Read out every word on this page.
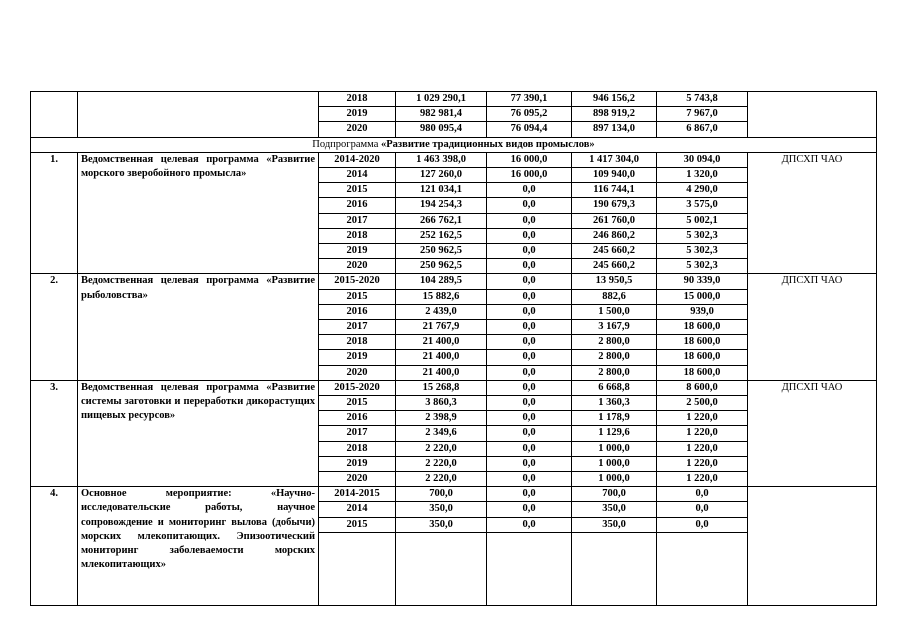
		2018	1 029 290,1	77 390,1	946 156,2	5 743,8	
		2019	982 981,4	76 095,2	898 919,2	7 967,0	
		2020	980 095,4	76 094,4	897 134,0	6 867,0	
Подпрограмма «Развитие традиционных видов промыслов»							
1.	Ведомственная целевая программа «Развитие морского зверобойного промысла»	2014-2020	1 463 398,0	16 000,0	1 417 304,0	30 094,0	ДПСХП ЧАО
		2014	127 260,0	16 000,0	109 940,0	1 320,0	
		2015	121 034,1	0,0	116 744,1	4 290,0	
		2016	194 254,3	0,0	190 679,3	3 575,0	
		2017	266 762,1	0,0	261 760,0	5 002,1	
		2018	252 162,5	0,0	246 860,2	5 302,3	
		2019	250 962,5	0,0	245 660,2	5 302,3	
		2020	250 962,5	0,0	245 660,2	5 302,3	
2.	Ведомственная целевая программа «Развитие рыболовства»	2015-2020	104 289,5	0,0	13 950,5	90 339,0	ДПСХП ЧАО
		2015	15 882,6	0,0	882,6	15 000,0	
		2016	2 439,0	0,0	1 500,0	939,0	
		2017	21 767,9	0,0	3 167,9	18 600,0	
		2018	21 400,0	0,0	2 800,0	18 600,0	
		2019	21 400,0	0,0	2 800,0	18 600,0	
		2020	21 400,0	0,0	2 800,0	18 600,0	
3.	Ведомственная целевая программа «Развитие системы заготовки и переработки дикорастущих пищевых ресурсов»	2015-2020	15 268,8	0,0	6 668,8	8 600,0	ДПСХП ЧАО
		2015	3 860,3	0,0	1 360,3	2 500,0	
		2016	2 398,9	0,0	1 178,9	1 220,0	
		2017	2 349,6	0,0	1 129,6	1 220,0	
		2018	2 220,0	0,0	1 000,0	1 220,0	
		2019	2 220,0	0,0	1 000,0	1 220,0	
		2020	2 220,0	0,0	1 000,0	1 220,0	
4.	Основное мероприятие: «Научно-исследовательские работы, научное сопровождение и мониторинг вылова (добычи) морских млекопитающих. Эпизоотический мониторинг заболеваемости морских млекопитающих»	2014-2015	700,0	0,0	700,0	0,0	
		2014	350,0	0,0	350,0	0,0	
		2015	350,0	0,0	350,0	0,0	
